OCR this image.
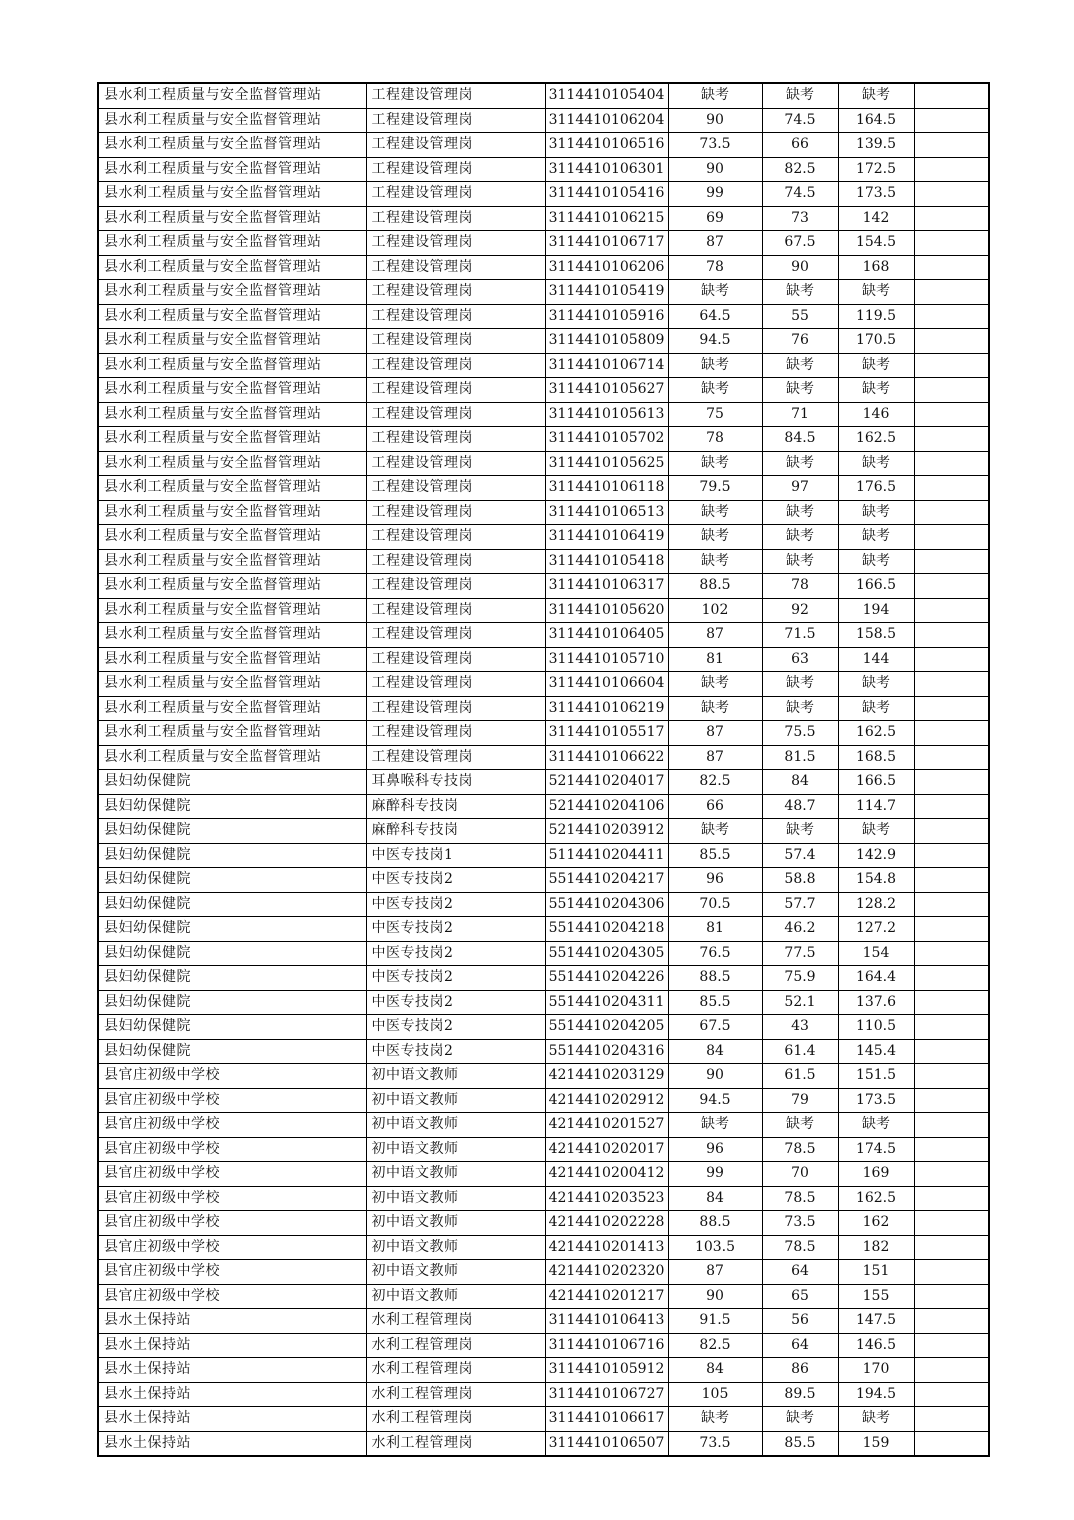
县水利工程质量与安全监督管理站	工程建设管理岗	3114410105404	缺考	缺考	缺考	
县水利工程质量与安全监督管理站	工程建设管理岗	3114410106204	90	74.5	164.5	
县水利工程质量与安全监督管理站	工程建设管理岗	3114410106516	73.5	66	139.5	
县水利工程质量与安全监督管理站	工程建设管理岗	3114410106301	90	82.5	172.5	
县水利工程质量与安全监督管理站	工程建设管理岗	3114410105416	99	74.5	173.5	
县水利工程质量与安全监督管理站	工程建设管理岗	3114410106215	69	73	142	
县水利工程质量与安全监督管理站	工程建设管理岗	3114410106717	87	67.5	154.5	
县水利工程质量与安全监督管理站	工程建设管理岗	3114410106206	78	90	168	
县水利工程质量与安全监督管理站	工程建设管理岗	3114410105419	缺考	缺考	缺考	
县水利工程质量与安全监督管理站	工程建设管理岗	3114410105916	64.5	55	119.5	
县水利工程质量与安全监督管理站	工程建设管理岗	3114410105809	94.5	76	170.5	
县水利工程质量与安全监督管理站	工程建设管理岗	3114410106714	缺考	缺考	缺考	
县水利工程质量与安全监督管理站	工程建设管理岗	3114410105627	缺考	缺考	缺考	
县水利工程质量与安全监督管理站	工程建设管理岗	3114410105613	75	71	146	
县水利工程质量与安全监督管理站	工程建设管理岗	3114410105702	78	84.5	162.5	
县水利工程质量与安全监督管理站	工程建设管理岗	3114410105625	缺考	缺考	缺考	
县水利工程质量与安全监督管理站	工程建设管理岗	3114410106118	79.5	97	176.5	
县水利工程质量与安全监督管理站	工程建设管理岗	3114410106513	缺考	缺考	缺考	
县水利工程质量与安全监督管理站	工程建设管理岗	3114410106419	缺考	缺考	缺考	
县水利工程质量与安全监督管理站	工程建设管理岗	3114410105418	缺考	缺考	缺考	
县水利工程质量与安全监督管理站	工程建设管理岗	3114410106317	88.5	78	166.5	
县水利工程质量与安全监督管理站	工程建设管理岗	3114410105620	102	92	194	
县水利工程质量与安全监督管理站	工程建设管理岗	3114410106405	87	71.5	158.5	
县水利工程质量与安全监督管理站	工程建设管理岗	3114410105710	81	63	144	
县水利工程质量与安全监督管理站	工程建设管理岗	3114410106604	缺考	缺考	缺考	
县水利工程质量与安全监督管理站	工程建设管理岗	3114410106219	缺考	缺考	缺考	
县水利工程质量与安全监督管理站	工程建设管理岗	3114410105517	87	75.5	162.5	
县水利工程质量与安全监督管理站	工程建设管理岗	3114410106622	87	81.5	168.5	
县妇幼保健院	耳鼻喉科专技岗	5214410204017	82.5	84	166.5	
县妇幼保健院	麻醉科专技岗	5214410204106	66	48.7	114.7	
县妇幼保健院	麻醉科专技岗	5214410203912	缺考	缺考	缺考	
县妇幼保健院	中医专技岗1	5114410204411	85.5	57.4	142.9	
县妇幼保健院	中医专技岗2	5514410204217	96	58.8	154.8	
县妇幼保健院	中医专技岗2	5514410204306	70.5	57.7	128.2	
县妇幼保健院	中医专技岗2	5514410204218	81	46.2	127.2	
县妇幼保健院	中医专技岗2	5514410204305	76.5	77.5	154	
县妇幼保健院	中医专技岗2	5514410204226	88.5	75.9	164.4	
县妇幼保健院	中医专技岗2	5514410204311	85.5	52.1	137.6	
县妇幼保健院	中医专技岗2	5514410204205	67.5	43	110.5	
县妇幼保健院	中医专技岗2	5514410204316	84	61.4	145.4	
县官庄初级中学校	初中语文教师	4214410203129	90	61.5	151.5	
县官庄初级中学校	初中语文教师	4214410202912	94.5	79	173.5	
县官庄初级中学校	初中语文教师	4214410201527	缺考	缺考	缺考	
县官庄初级中学校	初中语文教师	4214410202017	96	78.5	174.5	
县官庄初级中学校	初中语文教师	4214410200412	99	70	169	
县官庄初级中学校	初中语文教师	4214410203523	84	78.5	162.5	
县官庄初级中学校	初中语文教师	4214410202228	88.5	73.5	162	
县官庄初级中学校	初中语文教师	4214410201413	103.5	78.5	182	
县官庄初级中学校	初中语文教师	4214410202320	87	64	151	
县官庄初级中学校	初中语文教师	4214410201217	90	65	155	
县水土保持站	水利工程管理岗	3114410106413	91.5	56	147.5	
县水土保持站	水利工程管理岗	3114410106716	82.5	64	146.5	
县水土保持站	水利工程管理岗	3114410105912	84	86	170	
县水土保持站	水利工程管理岗	3114410106727	105	89.5	194.5	
县水土保持站	水利工程管理岗	3114410106617	缺考	缺考	缺考	
县水土保持站	水利工程管理岗	3114410106507	73.5	85.5	159	
